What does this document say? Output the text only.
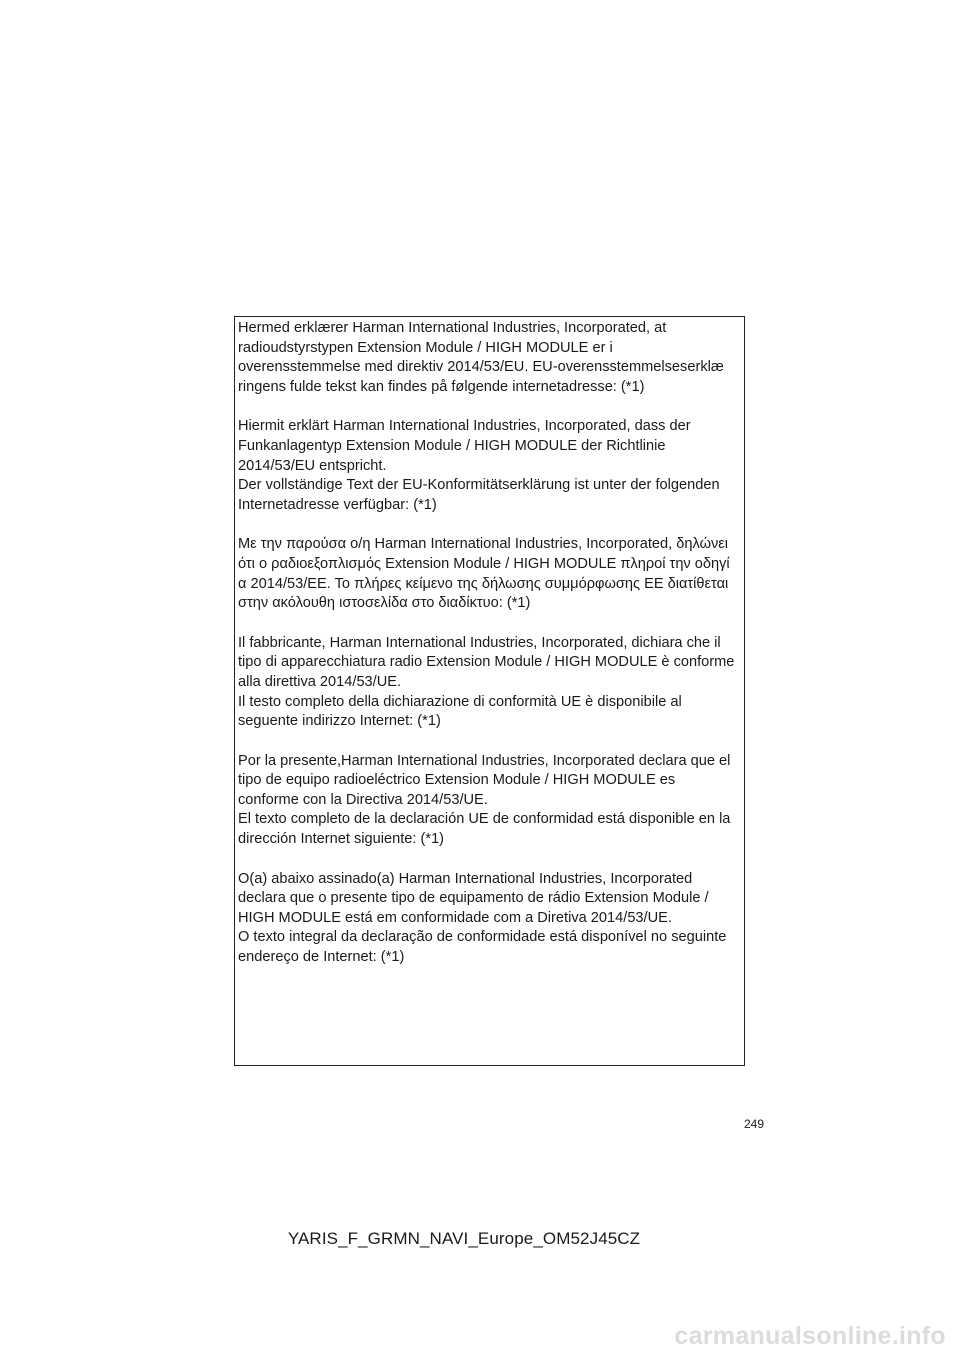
Hermed erklærer Harman International Industries, Incorporated, at
radioudstyrstypen Extension Module / HIGH MODULE er i
overensstemmelse med direktiv 2014/53/EU. EU-overensstemmelseserklæ
ringens fulde tekst kan findes på følgende internetadresse: (*1)
Hiermit erklärt Harman International Industries, Incorporated, dass der
Funkanlagentyp Extension Module / HIGH MODULE der Richtlinie
2014/53/EU entspricht.
Der vollständige Text der EU-Konformitätserklärung ist unter der folgenden
Internetadresse verfügbar: (*1)
Με την παρούσα ο/η Harman International Industries, Incorporated, δηλώνει
ότι ο ραδιοεξοπλισμός Extension Module / HIGH MODULE πληροί την οδηγί
α 2014/53/ΕΕ. Το πλήρες κείμενο της δήλωσης συμμόρφωσης ΕΕ διατίθεται
στην ακόλουθη ιστοσελίδα στο διαδίκτυο: (*1)
Il fabbricante, Harman International Industries, Incorporated, dichiara che il
tipo di apparecchiatura radio Extension Module / HIGH MODULE è conforme
alla direttiva 2014/53/UE.
Il testo completo della dichiarazione di conformità UE è disponibile al
seguente indirizzo Internet: (*1)
Por la presente,Harman International Industries, Incorporated declara que el
tipo de equipo radioeléctrico Extension Module / HIGH MODULE es
conforme con la Directiva 2014/53/UE.
El texto completo de la declaración UE de conformidad está disponible en la
dirección Internet siguiente: (*1)
O(a) abaixo assinado(a) Harman International Industries, Incorporated
declara que o presente tipo de equipamento de rádio Extension Module /
HIGH MODULE está em conformidade com a Diretiva 2014/53/UE.
O texto integral da declaração de conformidade está disponível no seguinte
endereço de Internet: (*1)
249
YARIS_F_GRMN_NAVI_Europe_OM52J45CZ
carmanualsonline.info
